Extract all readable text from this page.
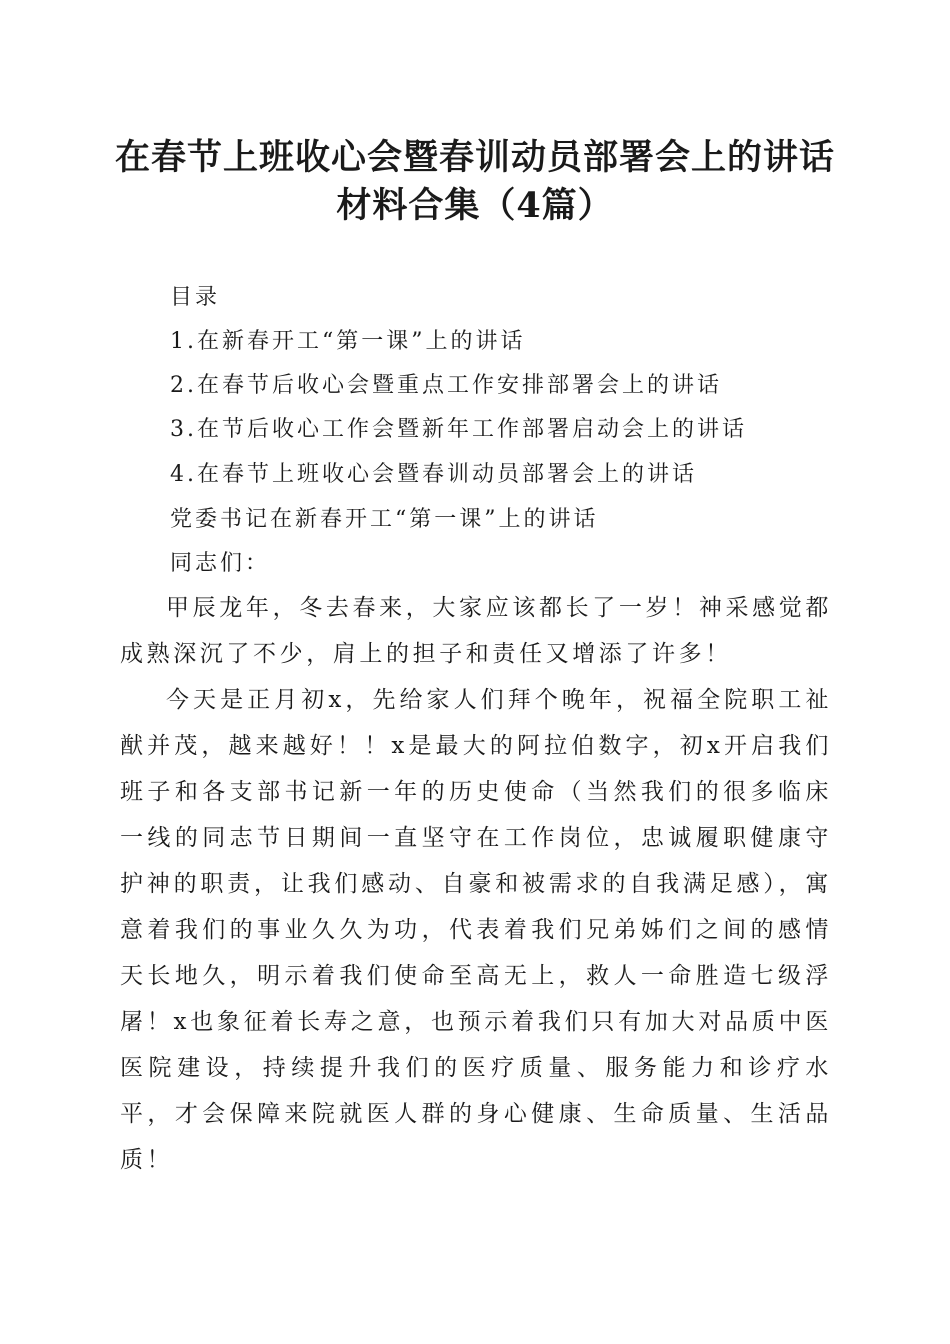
在春节上班收心会暨春训动员部署会上的讲话
材料合集（4篇）
目录
1.在新春开工“第一课”上的讲话
2.在春节后收心会暨重点工作安排部署会上的讲话
3.在节后收心工作会暨新年工作部署启动会上的讲话
4.在春节上班收心会暨春训动员部署会上的讲话
党委书记在新春开工“第一课”上的讲话
同志们：

甲辰龙年，冬去春来，大家应该都长了一岁！神采感觉都成熟深沉了不少，肩上的担子和责任又增添了许多！

今天是正月初x，先给家人们拜个晚年，祝福全院职工祉猷并茂，越来越好！！x是最大的阿拉伯数字，初x开启我们班子和各支部书记新一年的历史使命（当然我们的很多临床一线的同志节日期间一直坚守在工作岗位，忠诚履职健康守护神的职责，让我们感动、自豪和被需求的自我满足感），寓意着我们的事业久久为功，代表着我们兄弟姊们之间的感情天长地久，明示着我们使命至高无上，救人一命胜造七级浮屠！x也象征着长寿之意，也预示着我们只有加大对品质中医医院建设，持续提升我们的医疗质量、服务能力和诊疗水平，才会保障来院就医人群的身心健康、生命质量、生活品质！
